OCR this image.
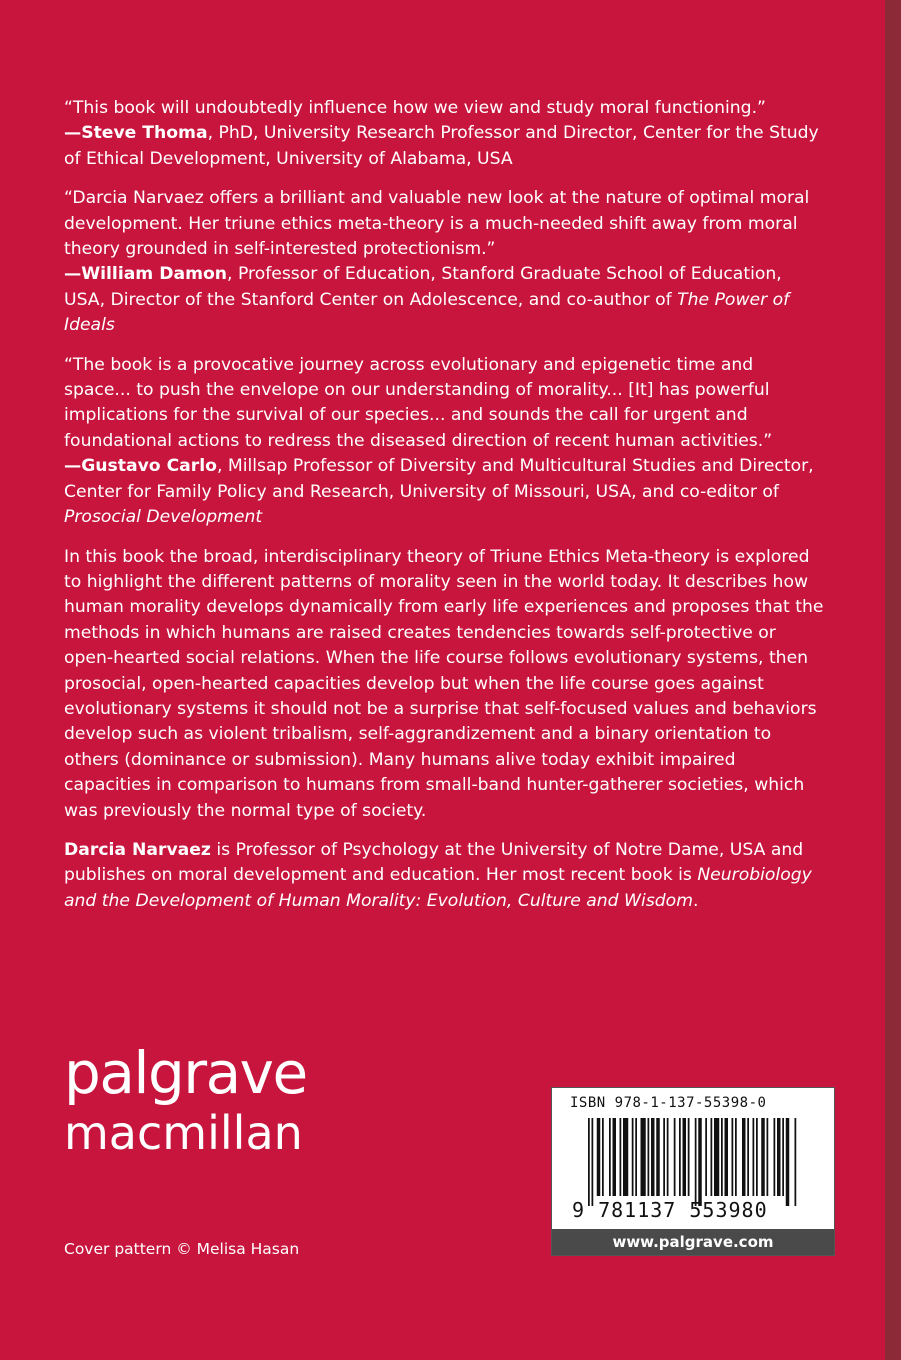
“This book will undoubtedly influence how we view and study moral functioning.”
—Steve Thoma, PhD, University Research Professor and Director, Center for the Study of Ethical Development, University of Alabama, USA

“Darcia Narvaez offers a brilliant and valuable new look at the nature of optimal moral development. Her triune ethics meta-theory is a much-needed shift away from moral theory grounded in self-interested protectionism.”
—William Damon, Professor of Education, Stanford Graduate School of Education, USA, Director of the Stanford Center on Adolescence, and co-author of The Power of Ideals

“The book is a provocative journey across evolutionary and epigenetic time and space... to push the envelope on our understanding of morality... [It] has powerful implications for the survival of our species... and sounds the call for urgent and foundational actions to redress the diseased direction of recent human activities.”
—Gustavo Carlo, Millsap Professor of Diversity and Multicultural Studies and Director, Center for Family Policy and Research, University of Missouri, USA, and co-editor of Prosocial Development

In this book the broad, interdisciplinary theory of Triune Ethics Meta-theory is explored to highlight the different patterns of morality seen in the world today. It describes how human morality develops dynamically from early life experiences and proposes that the methods in which humans are raised creates tendencies towards self-protective or open-hearted social relations. When the life course follows evolutionary systems, then prosocial, open-hearted capacities develop but when the life course goes against evolutionary systems it should not be a surprise that self-focused values and behaviors develop such as violent tribalism, self-aggrandizement and a binary orientation to others (dominance or submission). Many humans alive today exhibit impaired capacities in comparison to humans from small-band hunter-gatherer societies, which was previously the normal type of society.

Darcia Narvaez is Professor of Psychology at the University of Notre Dame, USA and publishes on moral development and education. Her most recent book is Neurobiology and the Development of Human Morality: Evolution, Culture and Wisdom.

palgrave
macmillan
Cover pattern © Melisa Hasan
ISBN 978-1-137-55398-0
9 781137 553980
www.palgrave.com
